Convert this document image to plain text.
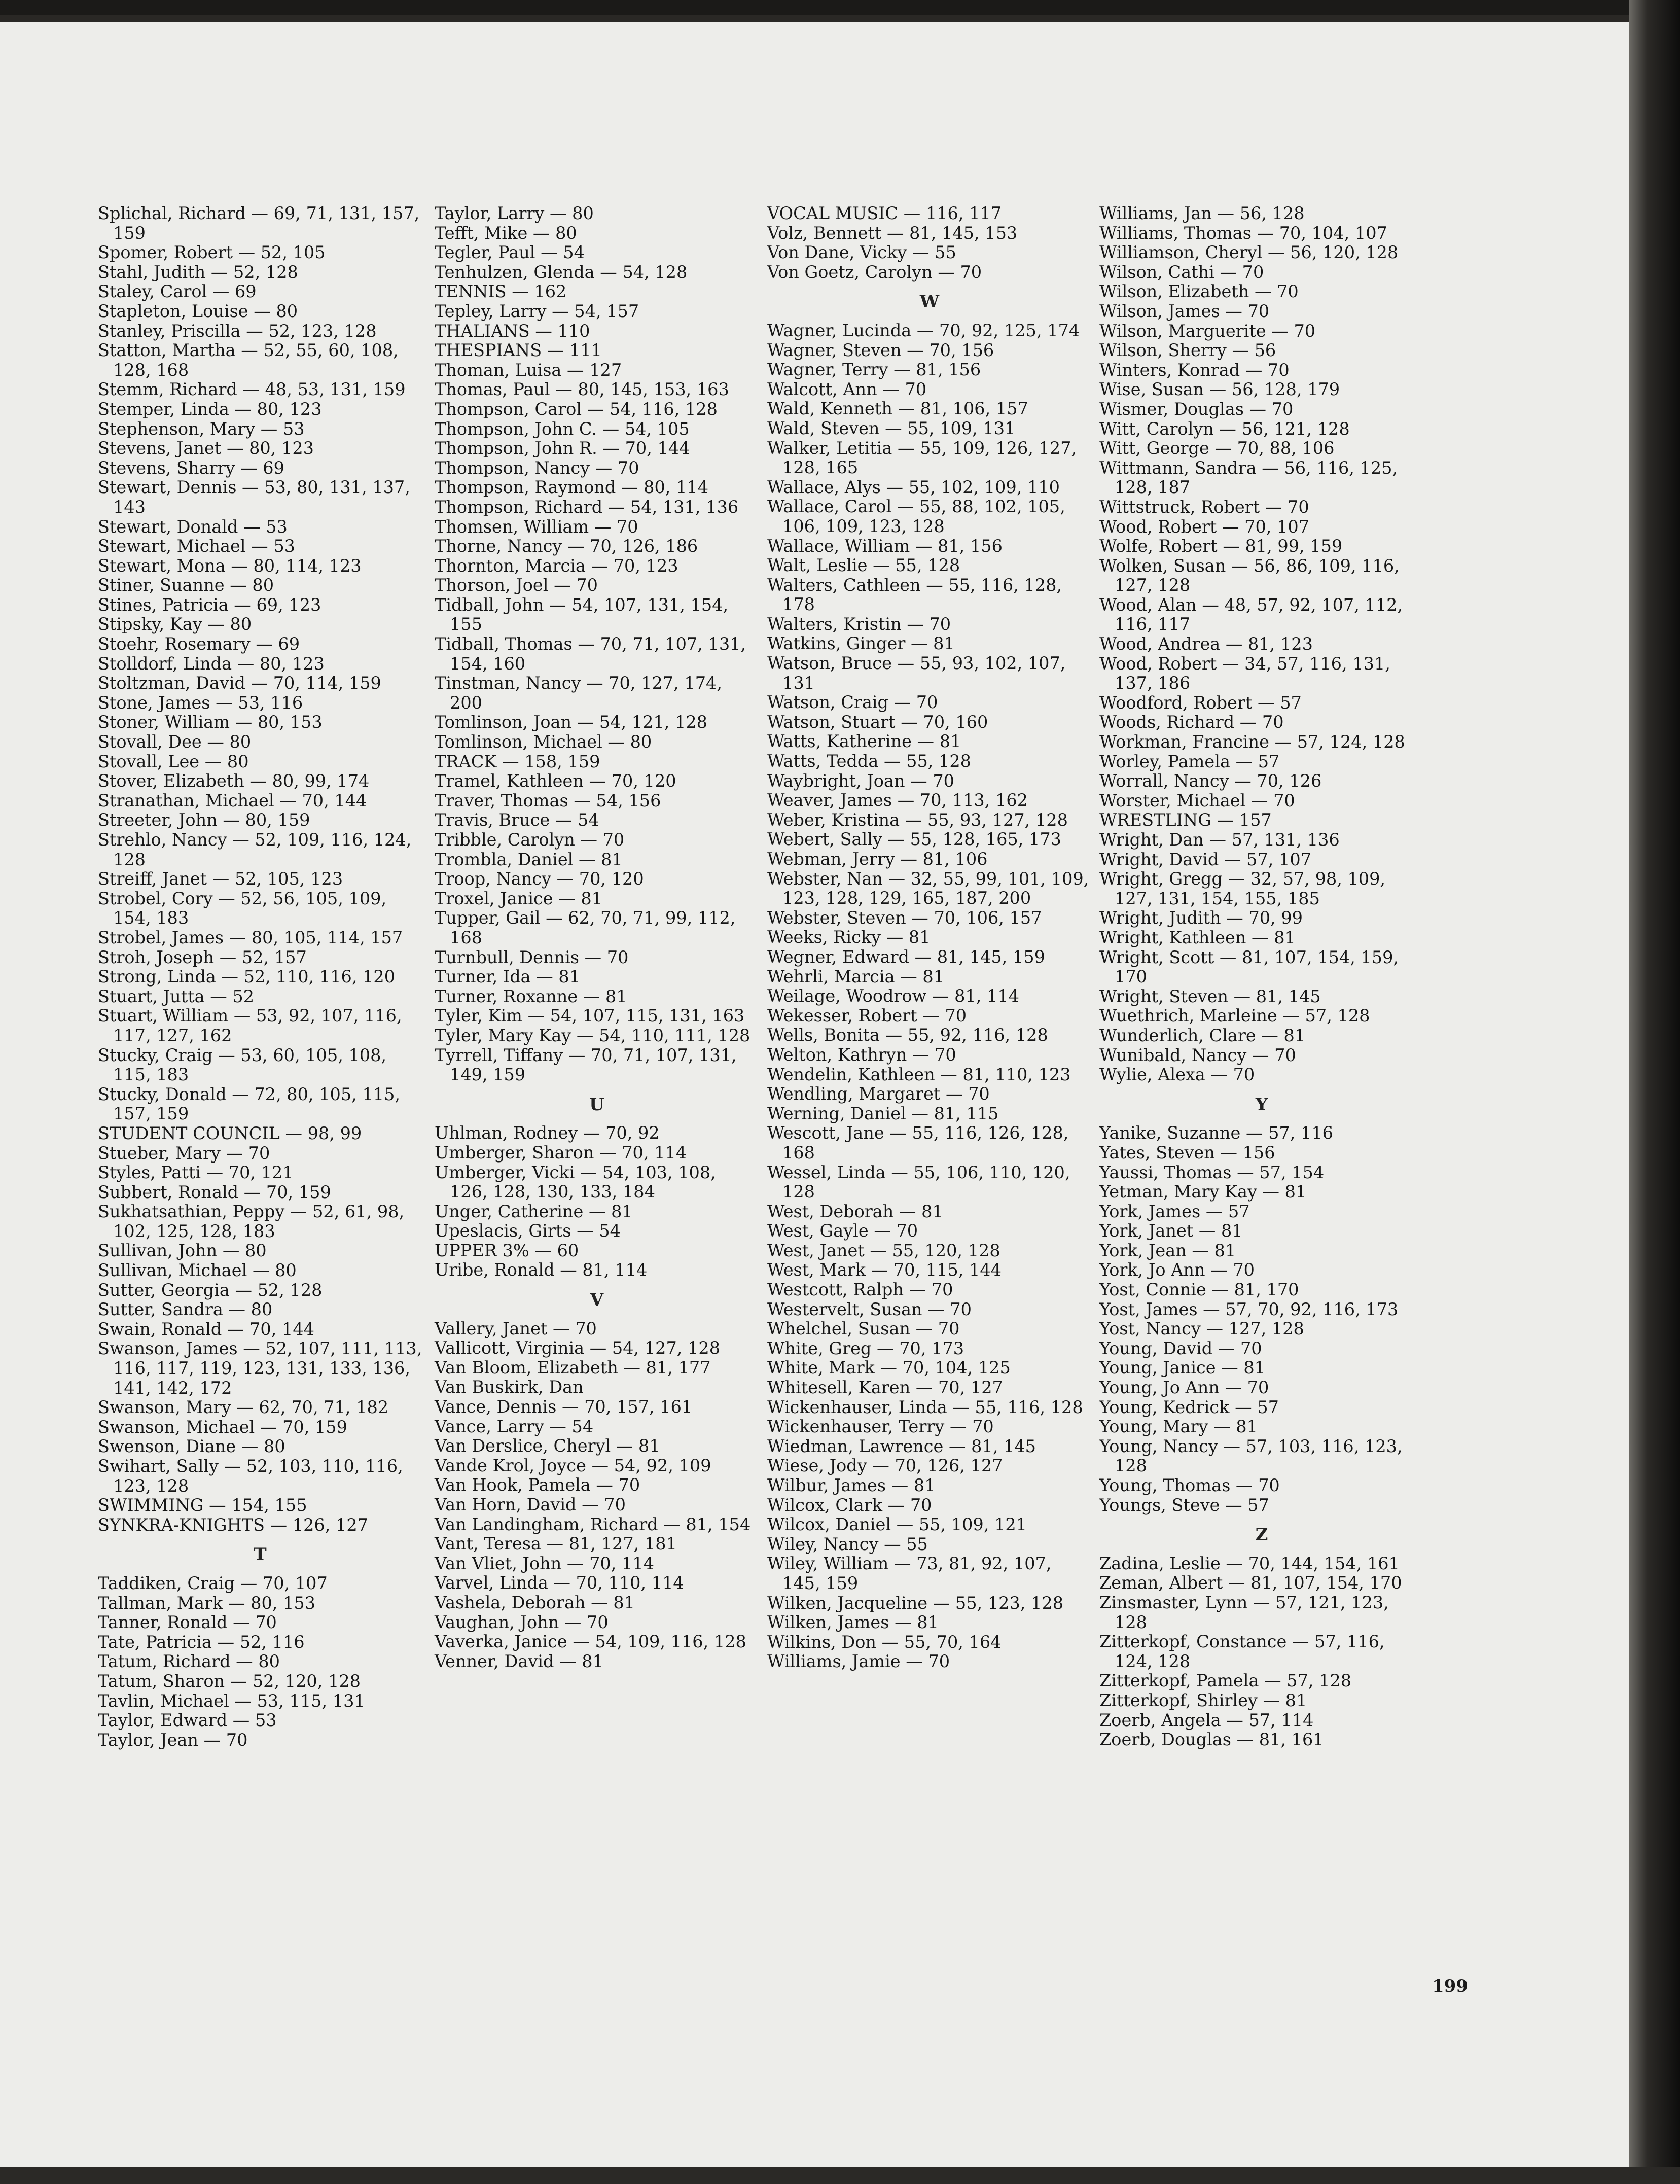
Splichal, Richard — 69, 71, 131, 157, 159
Spomer, Robert — 52, 105
Stahl, Judith — 52, 128
Staley, Carol — 69
Stapleton, Louise — 80
Stanley, Priscilla — 52, 123, 128
Statton, Martha — 52, 55, 60, 108, 128, 168
Stemm, Richard — 48, 53, 131, 159
Stemper, Linda — 80, 123
Stephenson, Mary — 53
Stevens, Janet — 80, 123
Stevens, Sharry — 69
Stewart, Dennis — 53, 80, 131, 137, 143
Stewart, Donald — 53
Stewart, Michael — 53
Stewart, Mona — 80, 114, 123
Stiner, Suanne — 80
Stines, Patricia — 69, 123
Stipsky, Kay — 80
Stoehr, Rosemary — 69
Stolldorf, Linda — 80, 123
Stoltzman, David — 70, 114, 159
Stone, James — 53, 116
Stoner, William — 80, 153
Stovall, Dee — 80
Stovall, Lee — 80
Stover, Elizabeth — 80, 99, 174
Stranathan, Michael — 70, 144
Streeter, John — 80, 159
Strehlo, Nancy — 52, 109, 116, 124, 128
Streiff, Janet — 52, 105, 123
Strobel, Cory — 52, 56, 105, 109, 154, 183
Strobel, James — 80, 105, 114, 157
Stroh, Joseph — 52, 157
Strong, Linda — 52, 110, 116, 120
Stuart, Jutta — 52
Stuart, William — 53, 92, 107, 116, 117, 127, 162
Stucky, Craig — 53, 60, 105, 108, 115, 183
Stucky, Donald — 72, 80, 105, 115, 157, 159
STUDENT COUNCIL — 98, 99
Stueber, Mary — 70
Styles, Patti — 70, 121
Subbert, Ronald — 70, 159
Sukhatsathian, Peppy — 52, 61, 98, 102, 125, 128, 183
Sullivan, John — 80
Sullivan, Michael — 80
Sutter, Georgia — 52, 128
Sutter, Sandra — 80
Swain, Ronald — 70, 144
Swanson, James — 52, 107, 111, 113, 116, 117, 119, 123, 131, 133, 136, 141, 142, 172
Swanson, Mary — 62, 70, 71, 182
Swanson, Michael — 70, 159
Swenson, Diane — 80
Swihart, Sally — 52, 103, 110, 116, 123, 128
SWIMMING — 154, 155
SYNKRA-KNIGHTS — 126, 127
T
Taddiken, Craig — 70, 107
Tallman, Mark — 80, 153
Tanner, Ronald — 70
Tate, Patricia — 52, 116
Tatum, Richard — 80
Tatum, Sharon — 52, 120, 128
Tavlin, Michael — 53, 115, 131
Taylor, Edward — 53
Taylor, Jean — 70
Taylor, Larry — 80
Tefft, Mike — 80
Tegler, Paul — 54
Tenhulzen, Glenda — 54, 128
TENNIS — 162
Tepley, Larry — 54, 157
THALIANS — 110
THESPIANS — 111
Thoman, Luisa — 127
Thomas, Paul — 80, 145, 153, 163
Thompson, Carol — 54, 116, 128
Thompson, John C. — 54, 105
Thompson, John R. — 70, 144
Thompson, Nancy — 70
Thompson, Raymond — 80, 114
Thompson, Richard — 54, 131, 136
Thomsen, William — 70
Thorne, Nancy — 70, 126, 186
Thornton, Marcia — 70, 123
Thorson, Joel — 70
Tidball, John — 54, 107, 131, 154, 155
Tidball, Thomas — 70, 71, 107, 131, 154, 160
Tinstman, Nancy — 70, 127, 174, 200
Tomlinson, Joan — 54, 121, 128
Tomlinson, Michael — 80
TRACK — 158, 159
Tramel, Kathleen — 70, 120
Traver, Thomas — 54, 156
Travis, Bruce — 54
Tribble, Carolyn — 70
Trombla, Daniel — 81
Troop, Nancy — 70, 120
Troxel, Janice — 81
Tupper, Gail — 62, 70, 71, 99, 112, 168
Turnbull, Dennis — 70
Turner, Ida — 81
Turner, Roxanne — 81
Tyler, Kim — 54, 107, 115, 131, 163
Tyler, Mary Kay — 54, 110, 111, 128
Tyrrell, Tiffany — 70, 71, 107, 131, 149, 159
U
Uhlman, Rodney — 70, 92
Umberger, Sharon — 70, 114
Umberger, Vicki — 54, 103, 108, 126, 128, 130, 133, 184
Unger, Catherine — 81
Upeslacis, Girts — 54
UPPER 3% — 60
Uribe, Ronald — 81, 114
V
Vallery, Janet — 70
Vallicott, Virginia — 54, 127, 128
Van Bloom, Elizabeth — 81, 177
Van Buskirk, Dan
Vance, Dennis — 70, 157, 161
Vance, Larry — 54
Van Derslice, Cheryl — 81
Vande Krol, Joyce — 54, 92, 109
Van Hook, Pamela — 70
Van Horn, David — 70
Van Landingham, Richard — 81, 154
Vant, Teresa — 81, 127, 181
Van Vliet, John — 70, 114
Varvel, Linda — 70, 110, 114
Vashela, Deborah — 81
Vaughan, John — 70
Vaverka, Janice — 54, 109, 116, 128
Venner, David — 81
VOCAL MUSIC — 116, 117
Volz, Bennett — 81, 145, 153
Von Dane, Vicky — 55
Von Goetz, Carolyn — 70
W
Wagner, Lucinda — 70, 92, 125, 174
Wagner, Steven — 70, 156
Wagner, Terry — 81, 156
Walcott, Ann — 70
Wald, Kenneth — 81, 106, 157
Wald, Steven — 55, 109, 131
Walker, Letitia — 55, 109, 126, 127, 128, 165
Wallace, Alys — 55, 102, 109, 110
Wallace, Carol — 55, 88, 102, 105, 106, 109, 123, 128
Wallace, William — 81, 156
Walt, Leslie — 55, 128
Walters, Cathleen — 55, 116, 128, 178
Walters, Kristin — 70
Watkins, Ginger — 81
Watson, Bruce — 55, 93, 102, 107, 131
Watson, Craig — 70
Watson, Stuart — 70, 160
Watts, Katherine — 81
Watts, Tedda — 55, 128
Waybright, Joan — 70
Weaver, James — 70, 113, 162
Weber, Kristina — 55, 93, 127, 128
Webert, Sally — 55, 128, 165, 173
Webman, Jerry — 81, 106
Webster, Nan — 32, 55, 99, 101, 109, 123, 128, 129, 165, 187, 200
Webster, Steven — 70, 106, 157
Weeks, Ricky — 81
Wegner, Edward — 81, 145, 159
Wehrli, Marcia — 81
Weilage, Woodrow — 81, 114
Wekesser, Robert — 70
Wells, Bonita — 55, 92, 116, 128
Welton, Kathryn — 70
Wendelin, Kathleen — 81, 110, 123
Wendling, Margaret — 70
Werning, Daniel — 81, 115
Wescott, Jane — 55, 116, 126, 128, 168
Wessel, Linda — 55, 106, 110, 120, 128
West, Deborah — 81
West, Gayle — 70
West, Janet — 55, 120, 128
West, Mark — 70, 115, 144
Westcott, Ralph — 70
Westervelt, Susan — 70
Whelchel, Susan — 70
White, Greg — 70, 173
White, Mark — 70, 104, 125
Whitesell, Karen — 70, 127
Wickenhauser, Linda — 55, 116, 128
Wickenhauser, Terry — 70
Wiedman, Lawrence — 81, 145
Wiese, Jody — 70, 126, 127
Wilbur, James — 81
Wilcox, Clark — 70
Wilcox, Daniel — 55, 109, 121
Wiley, Nancy — 55
Wiley, William — 73, 81, 92, 107, 145, 159
Wilken, Jacqueline — 55, 123, 128
Wilken, James — 81
Wilkins, Don — 55, 70, 164
Williams, Jamie — 70
Williams, Jan — 56, 128
Williams, Thomas — 70, 104, 107
Williamson, Cheryl — 56, 120, 128
Wilson, Cathi — 70
Wilson, Elizabeth — 70
Wilson, James — 70
Wilson, Marguerite — 70
Wilson, Sherry — 56
Winters, Konrad — 70
Wise, Susan — 56, 128, 179
Wismer, Douglas — 70
Witt, Carolyn — 56, 121, 128
Witt, George — 70, 88, 106
Wittmann, Sandra — 56, 116, 125, 128, 187
Wittstruck, Robert — 70
Wood, Robert — 70, 107
Wolfe, Robert — 81, 99, 159
Wolken, Susan — 56, 86, 109, 116, 127, 128
Wood, Alan — 48, 57, 92, 107, 112, 116, 117
Wood, Andrea — 81, 123
Wood, Robert — 34, 57, 116, 131, 137, 186
Woodford, Robert — 57
Woods, Richard — 70
Workman, Francine — 57, 124, 128
Worley, Pamela — 57
Worrall, Nancy — 70, 126
Worster, Michael — 70
WRESTLING — 157
Wright, Dan — 57, 131, 136
Wright, David — 57, 107
Wright, Gregg — 32, 57, 98, 109, 127, 131, 154, 155, 185
Wright, Judith — 70, 99
Wright, Kathleen — 81
Wright, Scott — 81, 107, 154, 159, 170
Wright, Steven — 81, 145
Wuethrich, Marleine — 57, 128
Wunderlich, Clare — 81
Wunibald, Nancy — 70
Wylie, Alexa — 70
Y
Yanike, Suzanne — 57, 116
Yates, Steven — 156
Yaussi, Thomas — 57, 154
Yetman, Mary Kay — 81
York, James — 57
York, Janet — 81
York, Jean — 81
York, Jo Ann — 70
Yost, Connie — 81, 170
Yost, James — 57, 70, 92, 116, 173
Yost, Nancy — 127, 128
Young, David — 70
Young, Janice — 81
Young, Jo Ann — 70
Young, Kedrick — 57
Young, Mary — 81
Young, Nancy — 57, 103, 116, 123, 128
Young, Thomas — 70
Youngs, Steve — 57
Z
Zadina, Leslie — 70, 144, 154, 161
Zeman, Albert — 81, 107, 154, 170
Zinsmaster, Lynn — 57, 121, 123, 128
Zitterkopf, Constance — 57, 116, 124, 128
Zitterkopf, Pamela — 57, 128
Zitterkopf, Shirley — 81
Zoerb, Angela — 57, 114
Zoerb, Douglas — 81, 161
199
